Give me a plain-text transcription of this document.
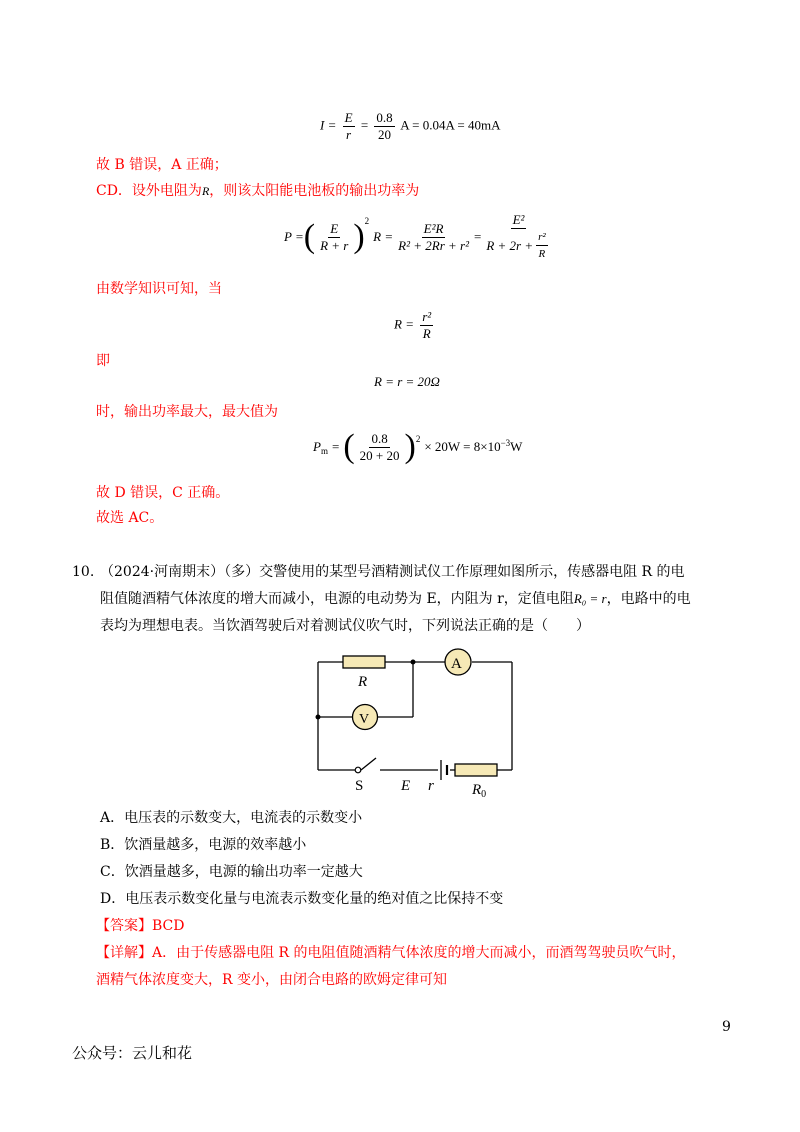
$I = \frac{E}{r} = \frac{0.8}{20}$ A = 0.04A = 40mA
故 B 错误，A 正确；
CD．设外电阻为R，则该太阳能电池板的输出功率为
P = ( $\frac{E}{R + r} )^2$
$R = \frac{\text{E²R}}{\text{R² + 2Rr + r²}} = \frac{\text{E²}}{R + 2r + \frac{\text{r²}}{R}}$
由数学知识可知，当
$R = \frac{\text{r²}}{R}$
即
R = r = 20Ω
时，输出功率最大，最大值为
$P_m$ = ( $\frac{0.8}{20 + 20} )^2 \times 20W = 8\times 10^{-3}$ W
故 D 错误，C 正确。
故选 AC。
10. （2024·河南期末）（多）交警使用的某型号酒精测试仪工作原理如图所示，传感器电阻 R 的电
阻值随酒精气体浓度的增大而减小，电源的电动势为 E，内阻为 r，定值电阻R₀ = r，电路中的电
表均为理想电表。当饮酒驾驶后对着测试仪吹气时，下列说法正确的是（　　）
R
A
V
S	E r	$R_0$
A．电压表的示数变大，电流表的示数变小
B．饮酒量越多，电源的效率越小
C．饮酒量越多，电源的输出功率一定越大
D．电压表示数变化量与电流表示数变化量的绝对值之比保持不变
【答案】BCD
【详解】A．由于传感器电阻 R 的电阻值随酒精气体浓度的增大而减小，而酒驾驾驶员吹气时，
酒精气体浓度变大，R 变小，由闭合电路的欧姆定律可知
9
公众号：云儿和花
